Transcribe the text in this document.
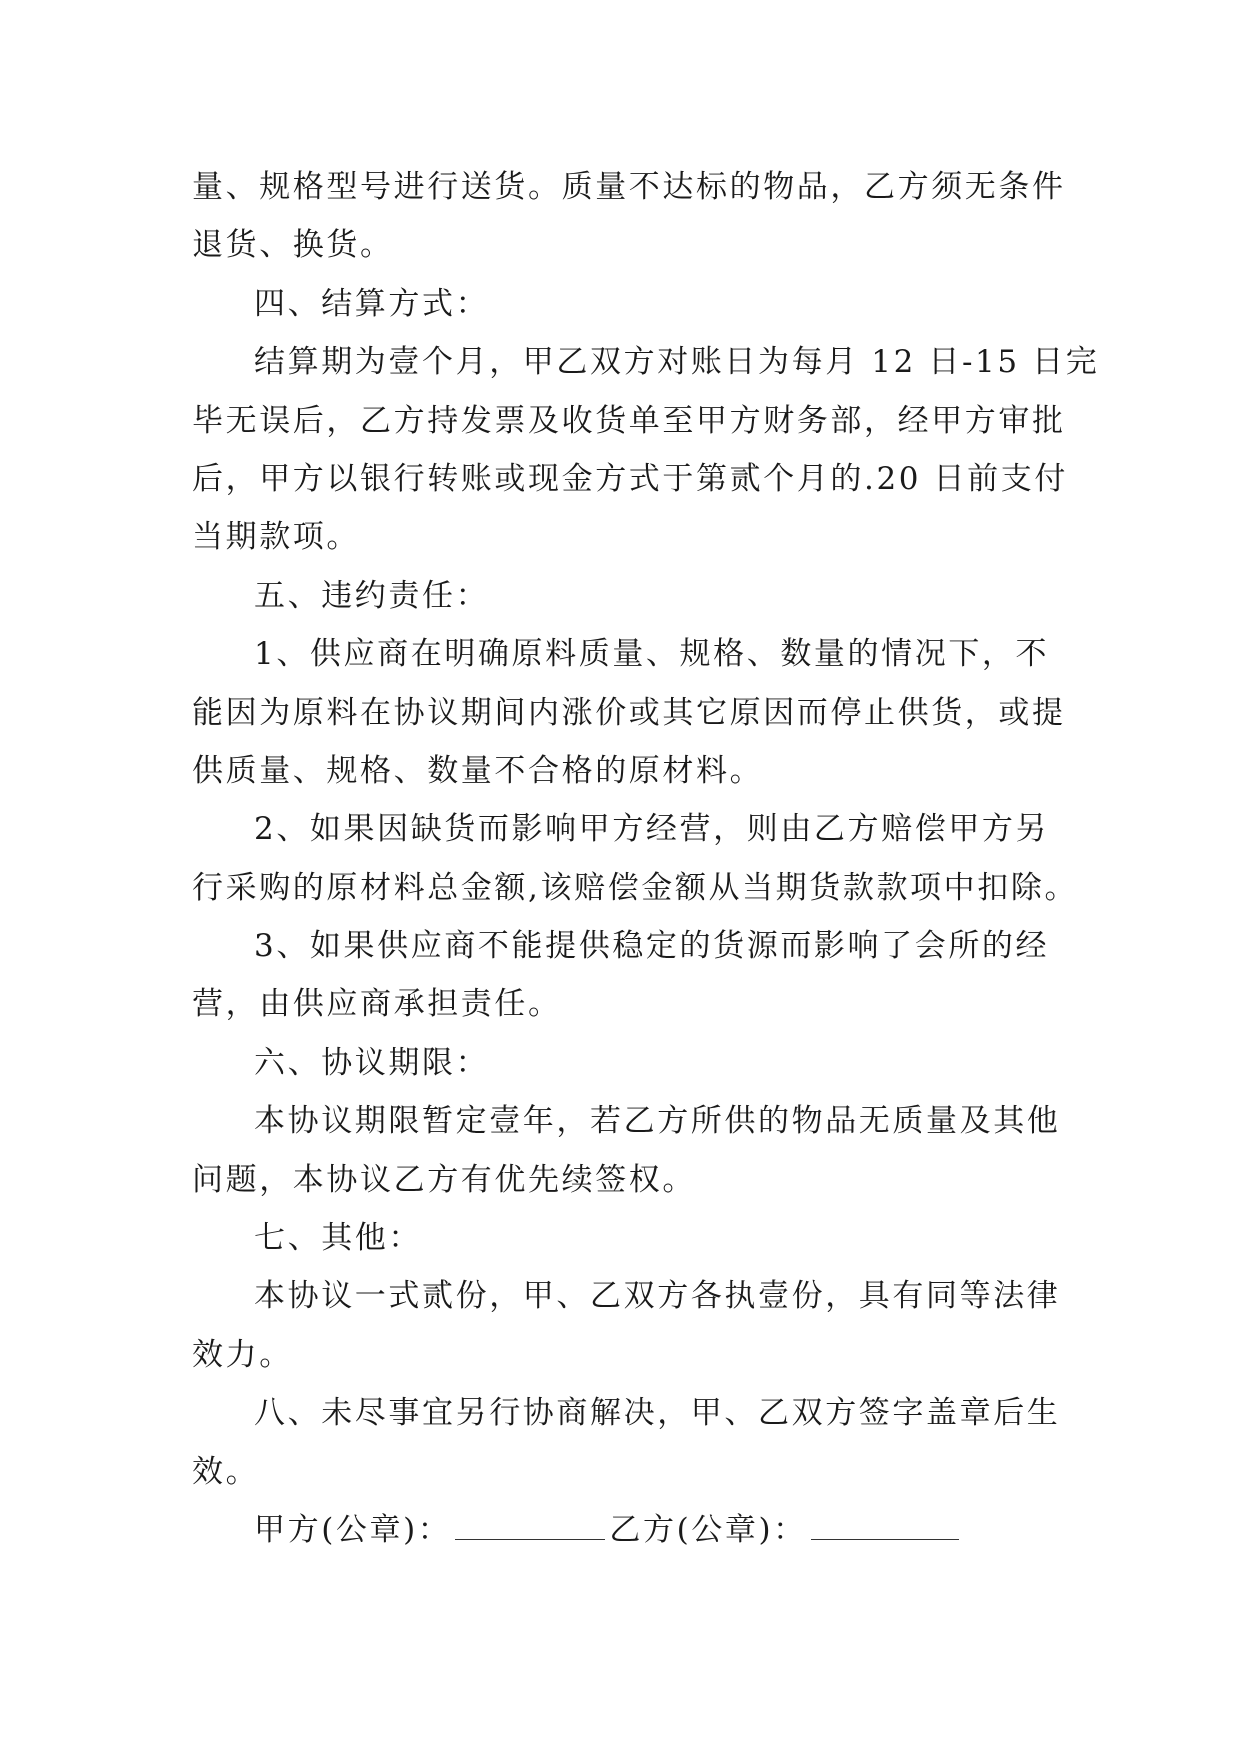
量、规格型号进行送货。质量不达标的物品，乙方须无条件
退货、换货。
四、结算方式：
结算期为壹个月，甲乙双方对账日为每月 12 日-15 日完
毕无误后，乙方持发票及收货单至甲方财务部，经甲方审批
后，甲方以银行转账或现金方式于第贰个月的.20 日前支付
当期款项。
五、违约责任：
1、供应商在明确原料质量、规格、数量的情况下，不
能因为原料在协议期间内涨价或其它原因而停止供货，或提
供质量、规格、数量不合格的原材料。
2、如果因缺货而影响甲方经营，则由乙方赔偿甲方另
行采购的原材料总金额,该赔偿金额从当期货款款项中扣除。
3、如果供应商不能提供稳定的货源而影响了会所的经
营，由供应商承担责任。
六、协议期限：
本协议期限暂定壹年，若乙方所供的物品无质量及其他
问题，本协议乙方有优先续签权。
七、其他：
本协议一式贰份，甲、乙双方各执壹份，具有同等法律
效力。
八、未尽事宜另行协商解决，甲、乙双方签字盖章后生
效。
甲方(公章)：	乙方(公章)：
